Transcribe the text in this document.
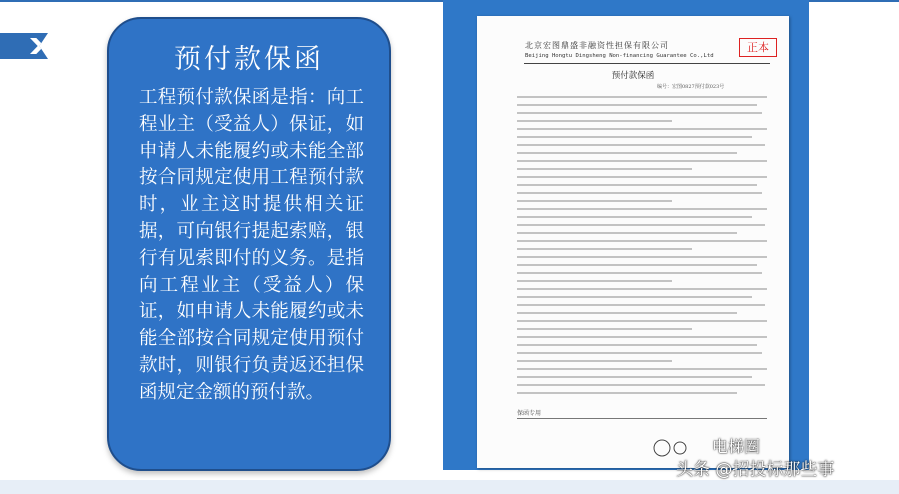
预付款保函
工程预付款保函是指：向工程业主（受益人）保证，如申请人未能履约或未能全部按合同规定使用工程预付款时，业主这时提供相关证据，可向银行提起索赔，银行有见索即付的义务。是指向工程业主（受益人）保证，如申请人未能履约或未能全部按合同规定使用预付款时，则银行负责返还担保函规定金额的预付款。
北京宏图鼎盛非融资性担保有限公司
Beijing Hongtu Dingsheng Non-financing Guarantee Co.,Ltd
正本
预付款保函
编号：宏图0827预付款023号
保函专用
电梯圈
头条 @招投标那些事
